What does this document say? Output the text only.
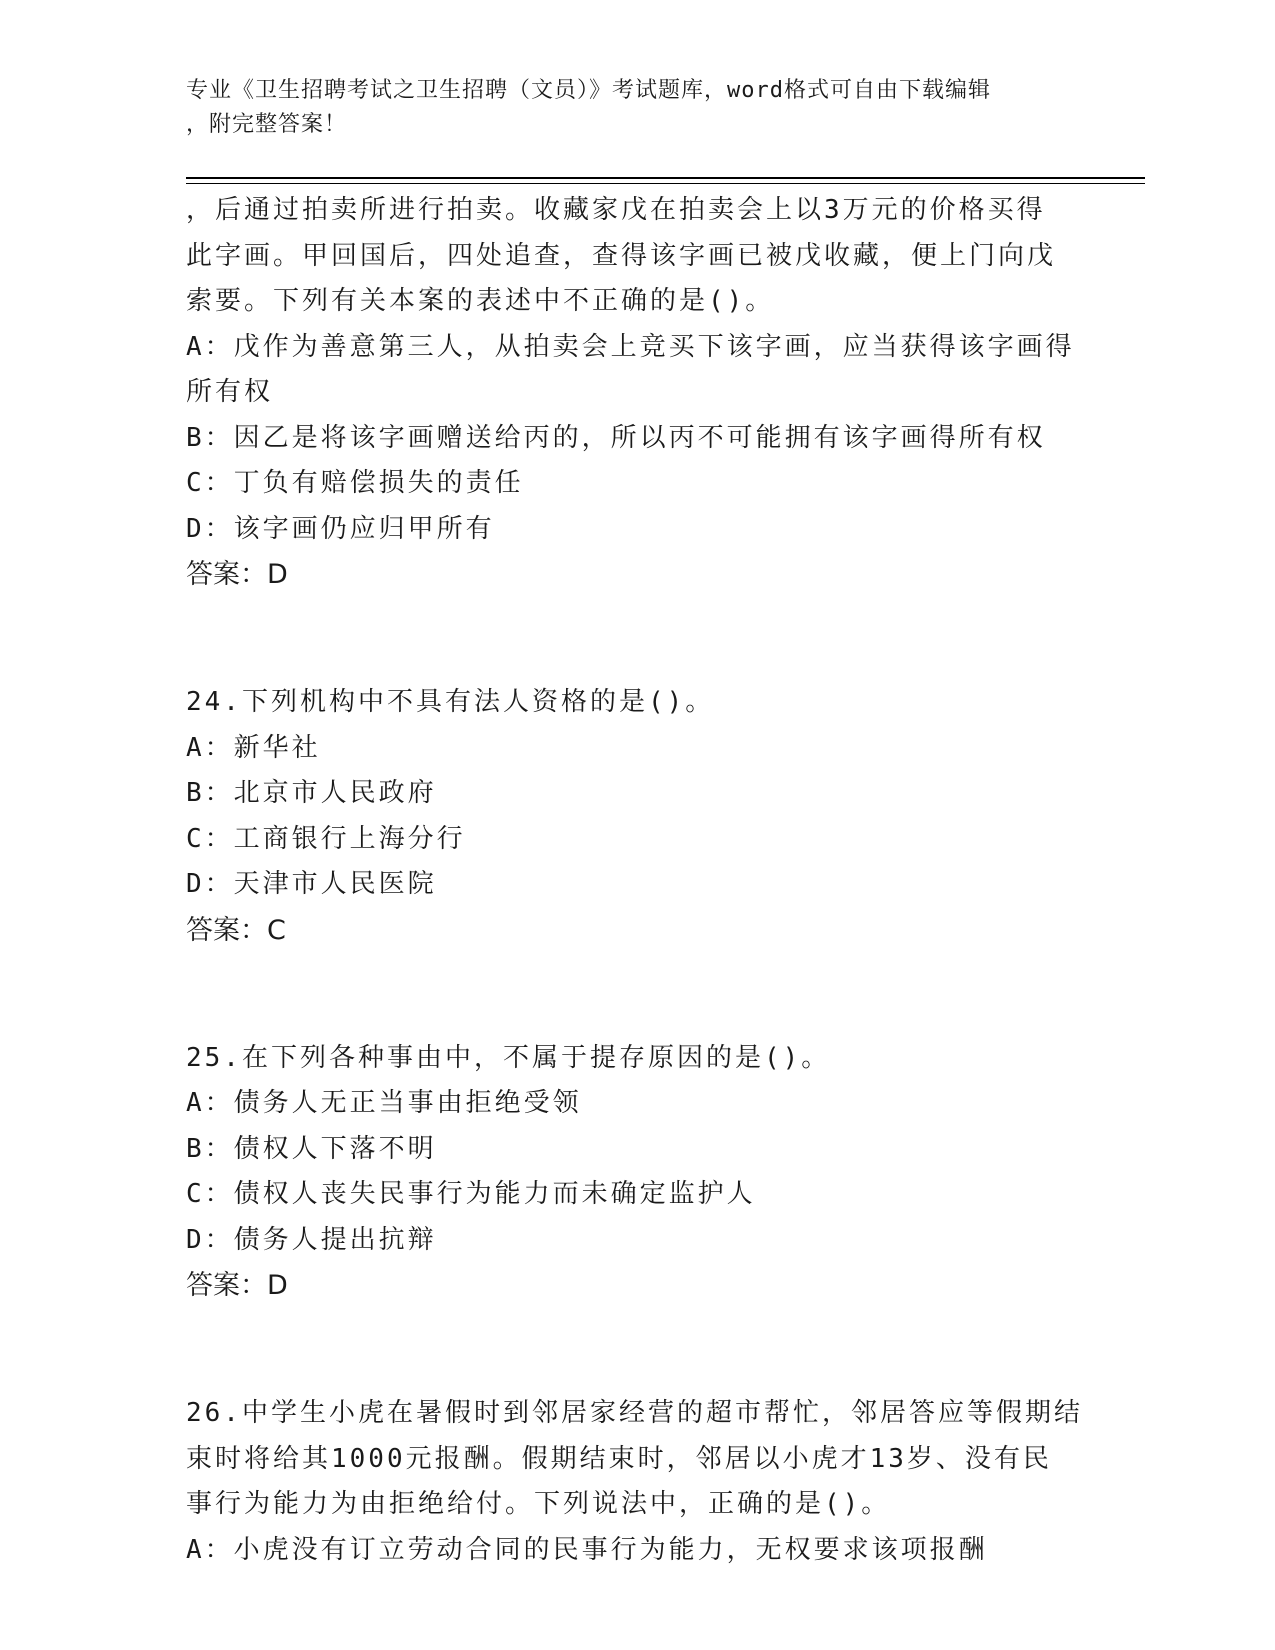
专业《卫生招聘考试之卫生招聘（文员）》考试题库，word格式可自由下载编辑
，附完整答案！
，后通过拍卖所进行拍卖。收藏家戊在拍卖会上以3万元的价格买得
此字画。甲回国后，四处追查，查得该字画已被戊收藏，便上门向戊
索要。下列有关本案的表述中不正确的是()。
A：戊作为善意第三人，从拍卖会上竞买下该字画，应当获得该字画得
所有权
B：因乙是将该字画赠送给丙的，所以丙不可能拥有该字画得所有权
C：丁负有赔偿损失的责任
D：该字画仍应归甲所有
答案：D
24.下列机构中不具有法人资格的是()。
A：新华社
B：北京市人民政府
C：工商银行上海分行
D：天津市人民医院
答案：C
25.在下列各种事由中，不属于提存原因的是()。
A：债务人无正当事由拒绝受领
B：债权人下落不明
C：债权人丧失民事行为能力而未确定监护人
D：债务人提出抗辩
答案：D
26.中学生小虎在暑假时到邻居家经营的超市帮忙，邻居答应等假期结
束时将给其1000元报酬。假期结束时，邻居以小虎才13岁、没有民
事行为能力为由拒绝给付。下列说法中，正确的是()。
A：小虎没有订立劳动合同的民事行为能力，无权要求该项报酬
